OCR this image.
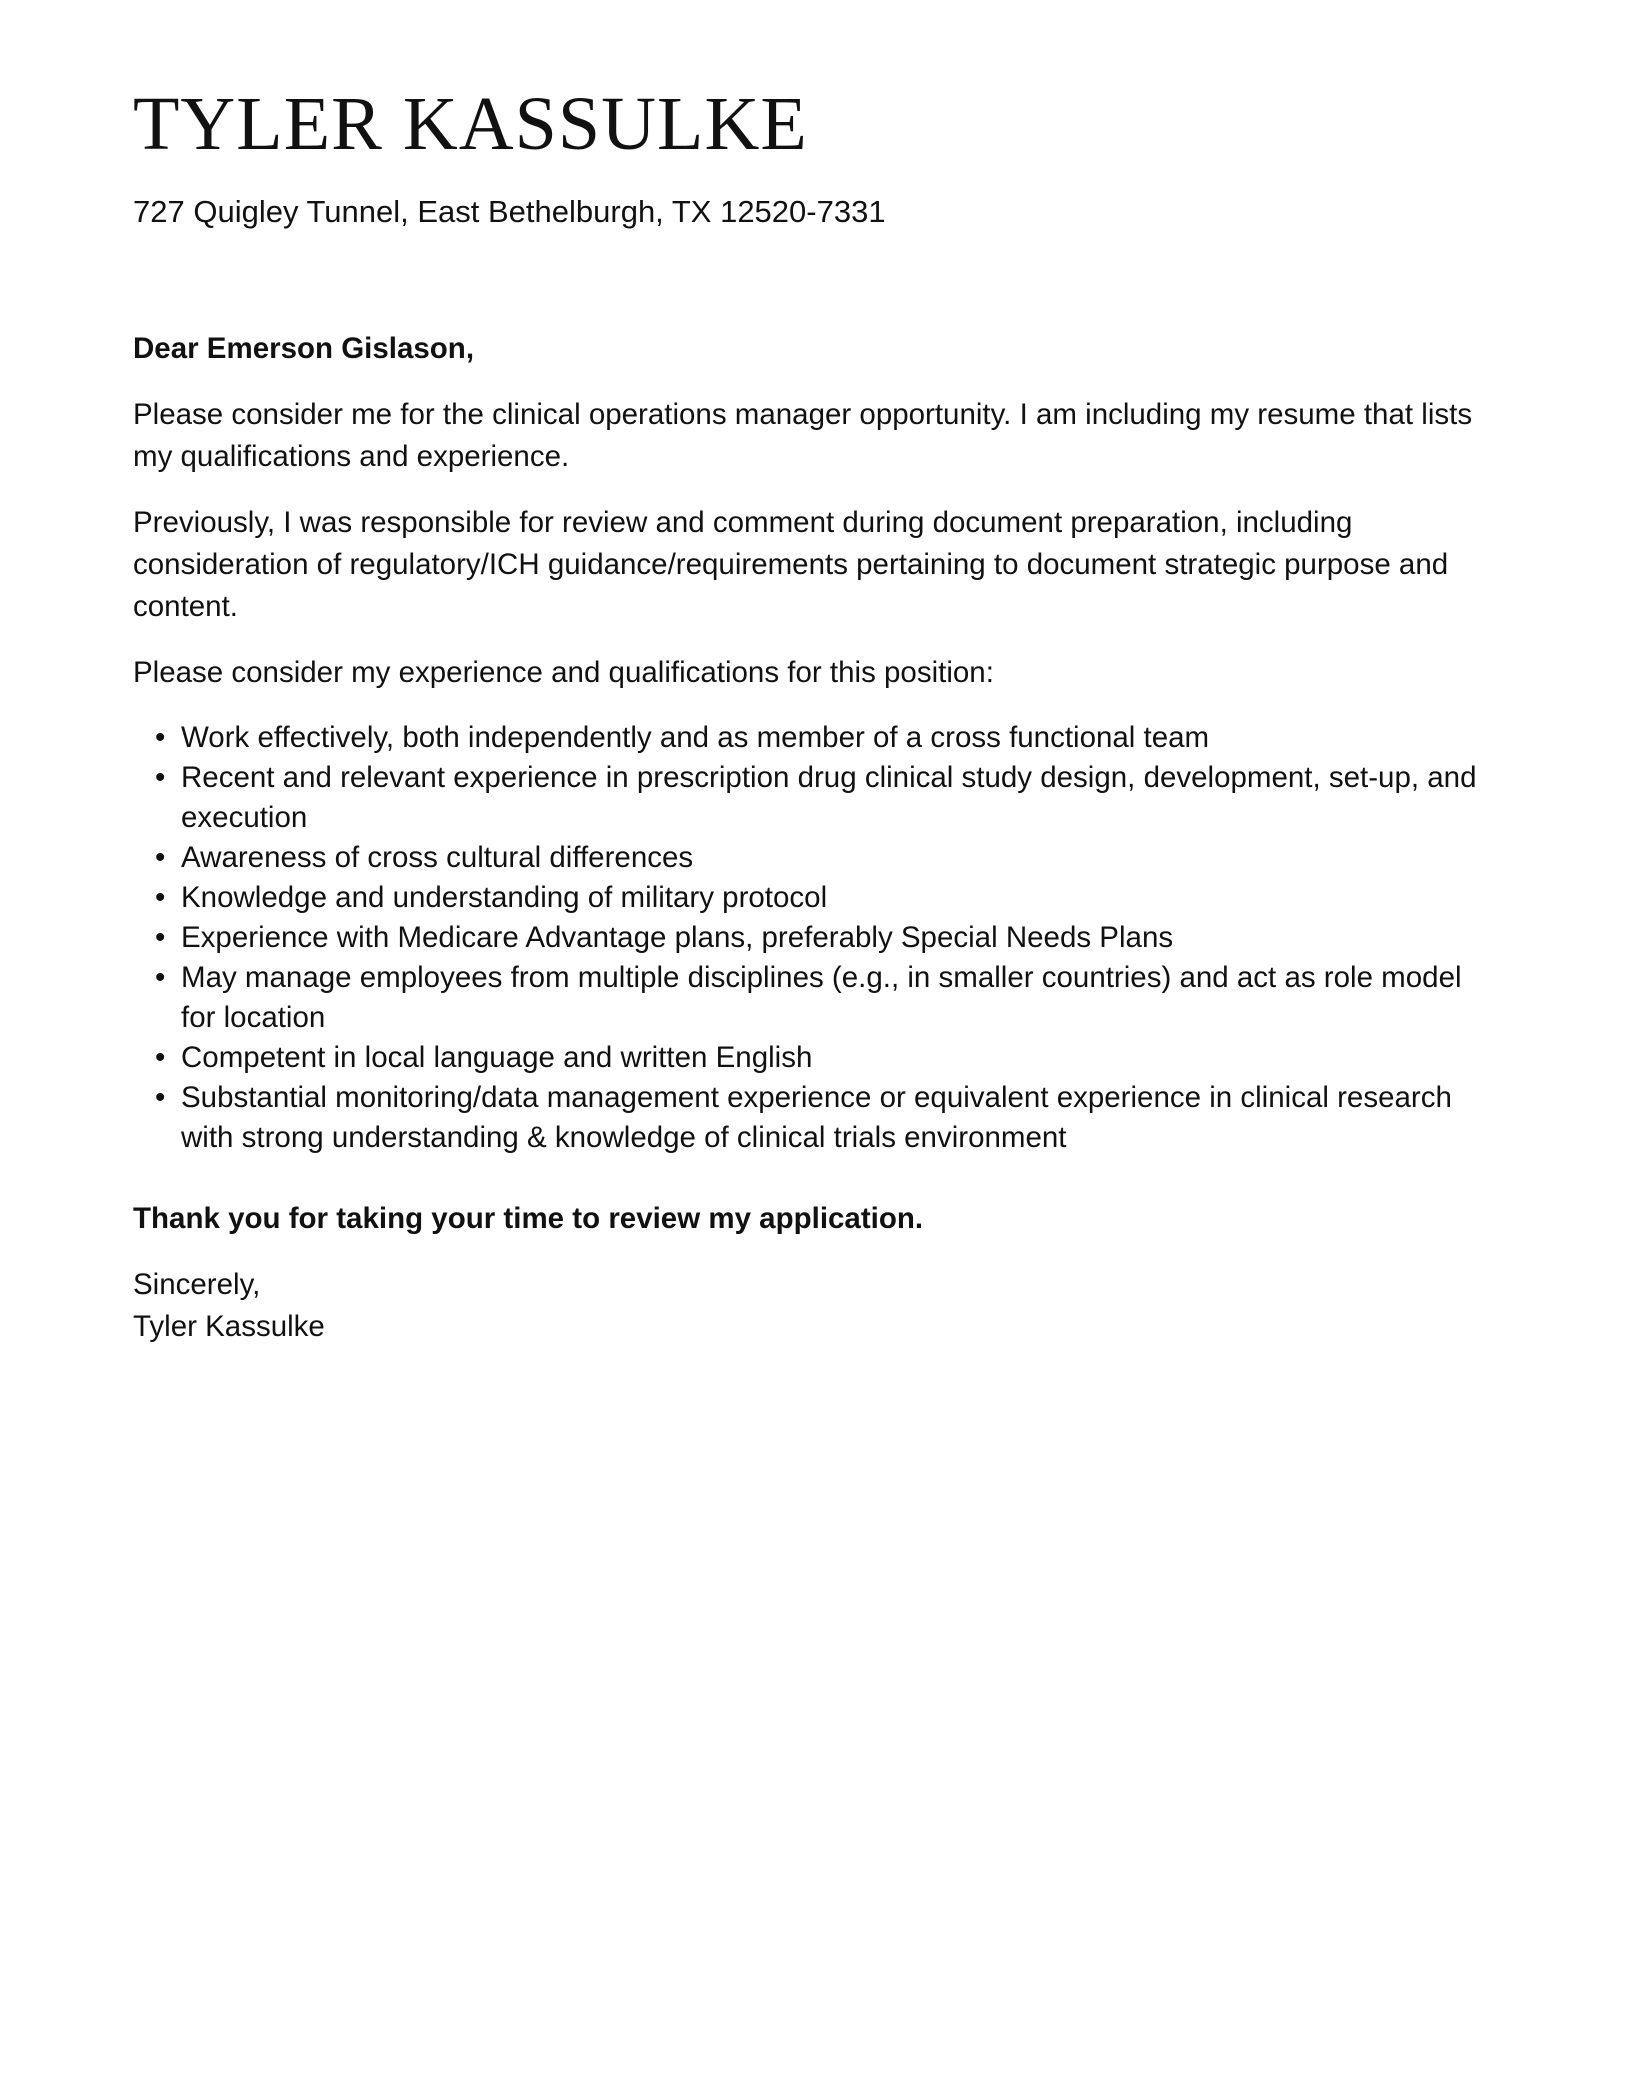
TYLER KASSULKE

727 Quigley Tunnel, East Bethelburgh, TX 12520-7331

Dear Emerson Gislason,

Please consider me for the clinical operations manager opportunity. I am including my resume that lists my qualifications and experience.

Previously, I was responsible for review and comment during document preparation, including consideration of regulatory/ICH guidance/requirements pertaining to document strategic purpose and content.

Please consider my experience and qualifications for this position:

• Work effectively, both independently and as member of a cross functional team
• Recent and relevant experience in prescription drug clinical study design, development, set-up, and execution
• Awareness of cross cultural differences
• Knowledge and understanding of military protocol
• Experience with Medicare Advantage plans, preferably Special Needs Plans
• May manage employees from multiple disciplines (e.g., in smaller countries) and act as role model for location
• Competent in local language and written English
• Substantial monitoring/data management experience or equivalent experience in clinical research with strong understanding & knowledge of clinical trials environment

Thank you for taking your time to review my application.

Sincerely,

Tyler Kassulke
